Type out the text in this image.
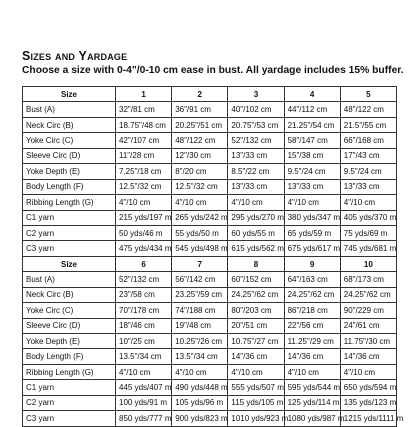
Sizes and Yardage
Choose a size with 0-4"/0-10 cm ease in bust. All yardage includes 15% buffer.
Size	1	2	3	4	5
Bust (A)	32"/81 cm	36"/91 cm	40"/102 cm	44"/112 cm	48"/122 cm
Neck Circ (B)	18.75"/48 cm	20.25"/51 cm	20.75"/53 cm	21.25"/54 cm	21.5"/55 cm
Yoke Circ (C)	42"/107 cm	48"/122 cm	52"/132 cm	58"/147 cm	66"/168 cm
Sleeve Circ (D)	11"/28 cm	12"/30 cm	13"/33 cm	15"/38 cm	17"/43 cm
Yoke Depth (E)	7.25"/18 cm	8"/20 cm	8.5"/22 cm	9.5"/24 cm	9.5"/24 cm
Body Length (F)	12.5"/32 cm	12.5"/32 cm	13"/33 cm	13"/33 cm	13"/33 cm
Ribbing Length (G)	4"/10 cm	4"/10 cm	4"/10 cm	4"/10 cm	4"/10 cm
C1 yarn	215 yds/197 m	265 yds/242 m	295 yds/270 m	380 yds/347 m	405 yds/370 m
C2 yarn	50 yds/46 m	55 yds/50 m	60 yds/55 m	65 yds/59 m	75 yds/69 m
C3 yarn	475 yds/434 m	545 yds/498 m	615 yds/562 m	675 yds/617 m	745 yds/681 m
Size	6	7	8	9	10
Bust (A)	52"/132 cm	56"/142 cm	60"/152 cm	64"/163 cm	68"/173 cm
Neck Circ (B)	23"/58 cm	23.25"/59 cm	24.25"/62 cm	24.25"/62 cm	24.25"/62 cm
Yoke Circ (C)	70"/178 cm	74"/188 cm	80"/203 cm	86"/218 cm	90"/229 cm
Sleeve Circ (D)	18"/46 cm	19"/48 cm	20"/51 cm	22"/56 cm	24"/61 cm
Yoke Depth (E)	10"/25 cm	10.25"/26 cm	10.75"/27 cm	11.25"/29 cm	11.75"/30 cm
Body Length (F)	13.5"/34 cm	13.5"/34 cm	14"/36 cm	14"/36 cm	14"/36 cm
Ribbing Length (G)	4"/10 cm	4"/10 cm	4"/10 cm	4"/10 cm	4"/10 cm
C1 yarn	445 yds/407 m	490 yds/448 m	555 yds/507 m	595 yds/544 m	650 yds/594 m
C2 yarn	100 yds/91 m	105 yds/96 m	115 yds/105 m	125 yds/114 m	135 yds/123 m
C3 yarn	850 yds/777 m	900 yds/823 m	1010 yds/923 m	1080 yds/987 m	1215 yds/1111 m
